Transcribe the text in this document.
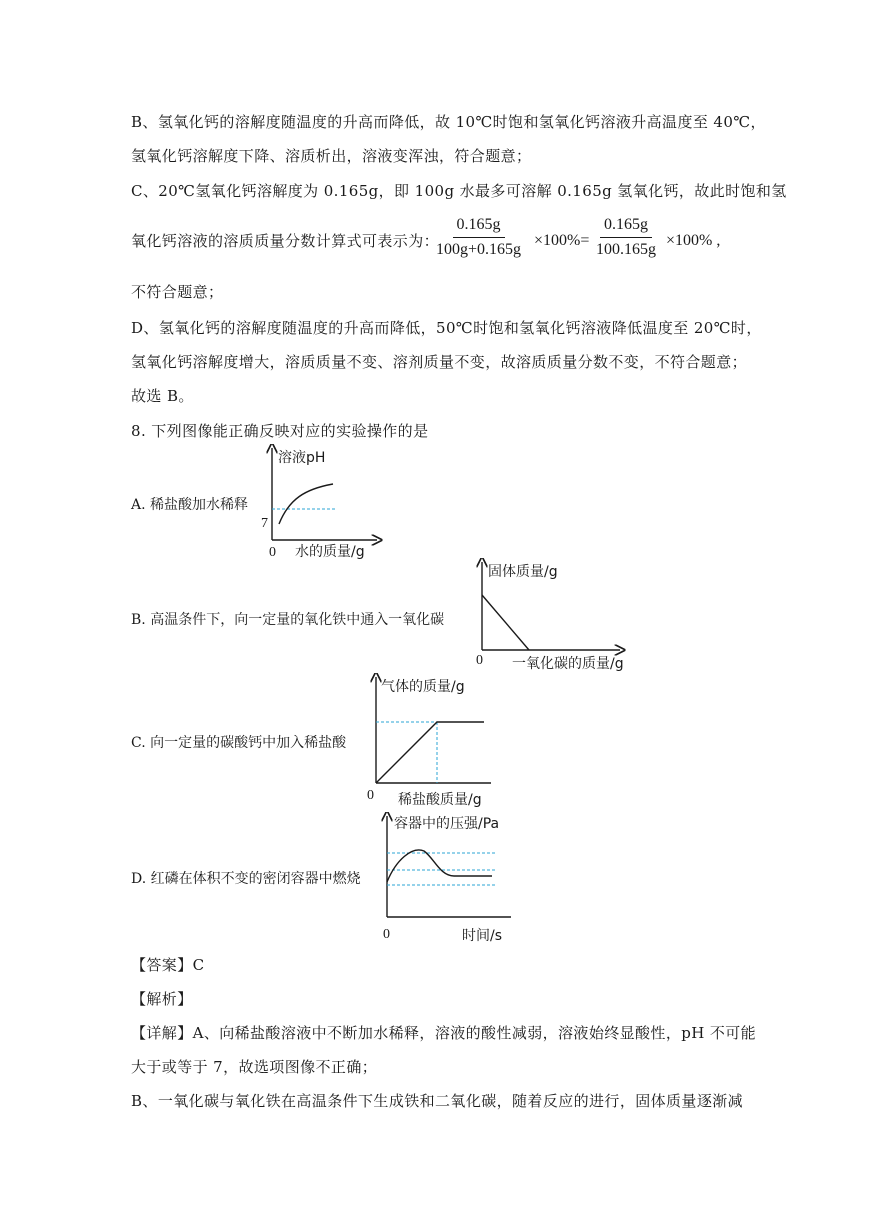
B、氢氧化钙的溶解度随温度的升高而降低，故 10℃时饱和氢氧化钙溶液升高温度至 40℃，
氢氧化钙溶解度下降、溶质析出，溶液变浑浊，符合题意；
C、20℃氢氧化钙溶解度为 0.165g，即 100g 水最多可溶解 0.165g 氢氧化钙，故此时饱和氢
氧化钙溶液的溶质质量分数计算式可表示为：
$\frac{0.165g}{100g+0.165g} \times 100\%= \frac{0.165g}{100.165g} \times 100\%$ ,
不符合题意；
D、氢氧化钙的溶解度随温度的升高而降低，50℃时饱和氢氧化钙溶液降低温度至 20℃时，
氢氧化钙溶解度增大，溶质质量不变、溶剂质量不变，故溶质质量分数不变，不符合题意；
故选 B。
8. 下列图像能正确反映对应的实验操作的是
A. 稀盐酸加水稀释
溶液pH
7
0 水的质量/g
B. 高温条件下，向一定量的氧化铁中通入一氧化碳
固体质量/g
0 一氧化碳的质量/g
C. 向一定量的碳酸钙中加入稀盐酸
气体的质量/g
0 稀盐酸质量/g
D. 红磷在体积不变的密闭容器中燃烧
容器中的压强/Pa
0	时间/s
【答案】C
【解析】
【详解】A、向稀盐酸溶液中不断加水稀释，溶液的酸性减弱，溶液始终显酸性，pH 不可能
大于或等于 7，故选项图像不正确；
B、一氧化碳与氧化铁在高温条件下生成铁和二氧化碳，随着反应的进行，固体质量逐渐减
